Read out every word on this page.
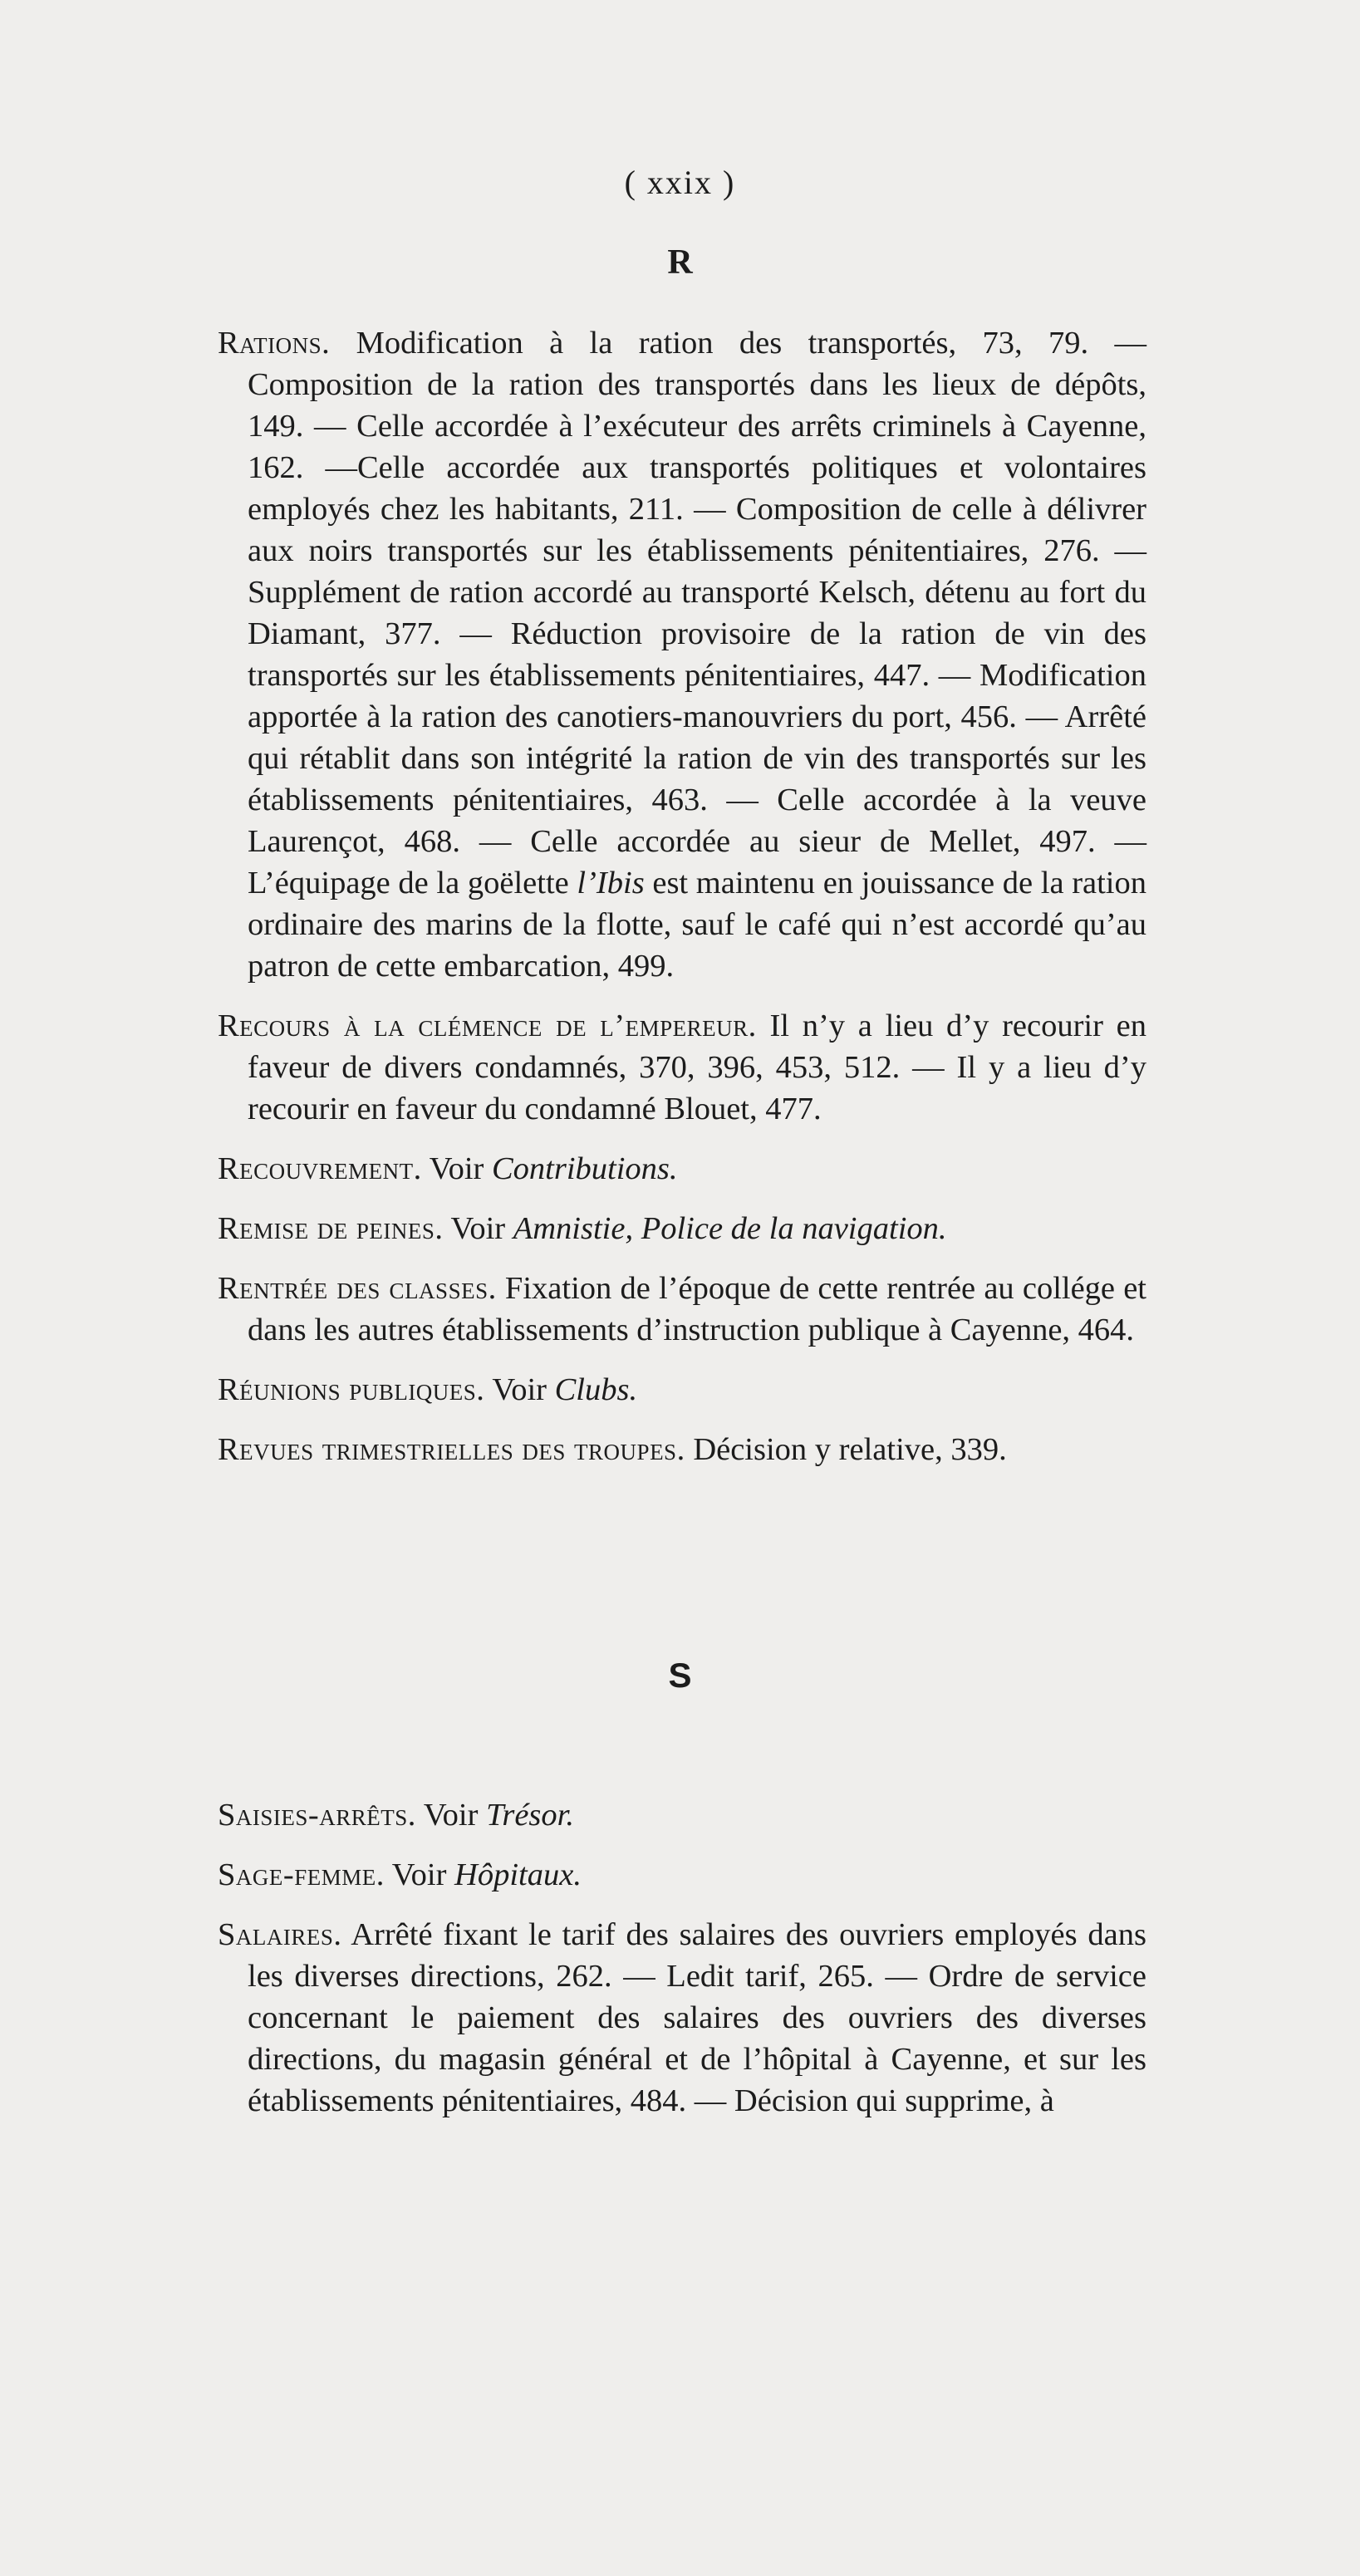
( xxix )
R

Rations. Modification à la ration des transportés, 73, 79. — Composition de la ration des transportés dans les lieux de dépôts, 149. — Celle accordée à l’exécuteur des arrêts criminels à Cayenne, 162. —Celle accordée aux transportés politiques et volontaires employés chez les habitants, 211. — Composition de celle à délivrer aux noirs transportés sur les établissements pénitentiaires, 276. — Supplément de ration accordé au transporté Kelsch, détenu au fort du Diamant, 377. — Réduction provisoire de la ration de vin des transportés sur les établissements pénitentiaires, 447. — Modification apportée à la ration des canotiers-manouvriers du port, 456. — Arrêté qui rétablit dans son intégrité la ration de vin des transportés sur les établissements pénitentiaires, 463. — Celle accordée à la veuve Laurençot, 468. — Celle accordée au sieur de Mellet, 497. — L’équipage de la goëlette l’Ibis est maintenu en jouissance de la ration ordinaire des marins de la flotte, sauf le café qui n’est accordé qu’au patron de cette embarcation, 499.

Recours à la clémence de l’empereur. Il n’y a lieu d’y recourir en faveur de divers condamnés, 370, 396, 453, 512. — Il y a lieu d’y recourir en faveur du condamné Blouet, 477.

Recouvrement. Voir Contributions.

Remise de peines. Voir Amnistie, Police de la navigation.

Rentrée des classes. Fixation de l’époque de cette rentrée au collége et dans les autres établissements d’instruction publique à Cayenne, 464.

Réunions publiques. Voir Clubs.

Revues trimestrielles des troupes. Décision y relative, 339.

S

Saisies-arrêts. Voir Trésor.

Sage-femme. Voir Hôpitaux.

Salaires. Arrêté fixant le tarif des salaires des ouvriers employés dans les diverses directions, 262. — Ledit tarif, 265. — Ordre de service concernant le paiement des salaires des ouvriers des diverses directions, du magasin général et de l’hôpital à Cayenne, et sur les établissements pénitentiaires, 484. — Décision qui supprime, à
